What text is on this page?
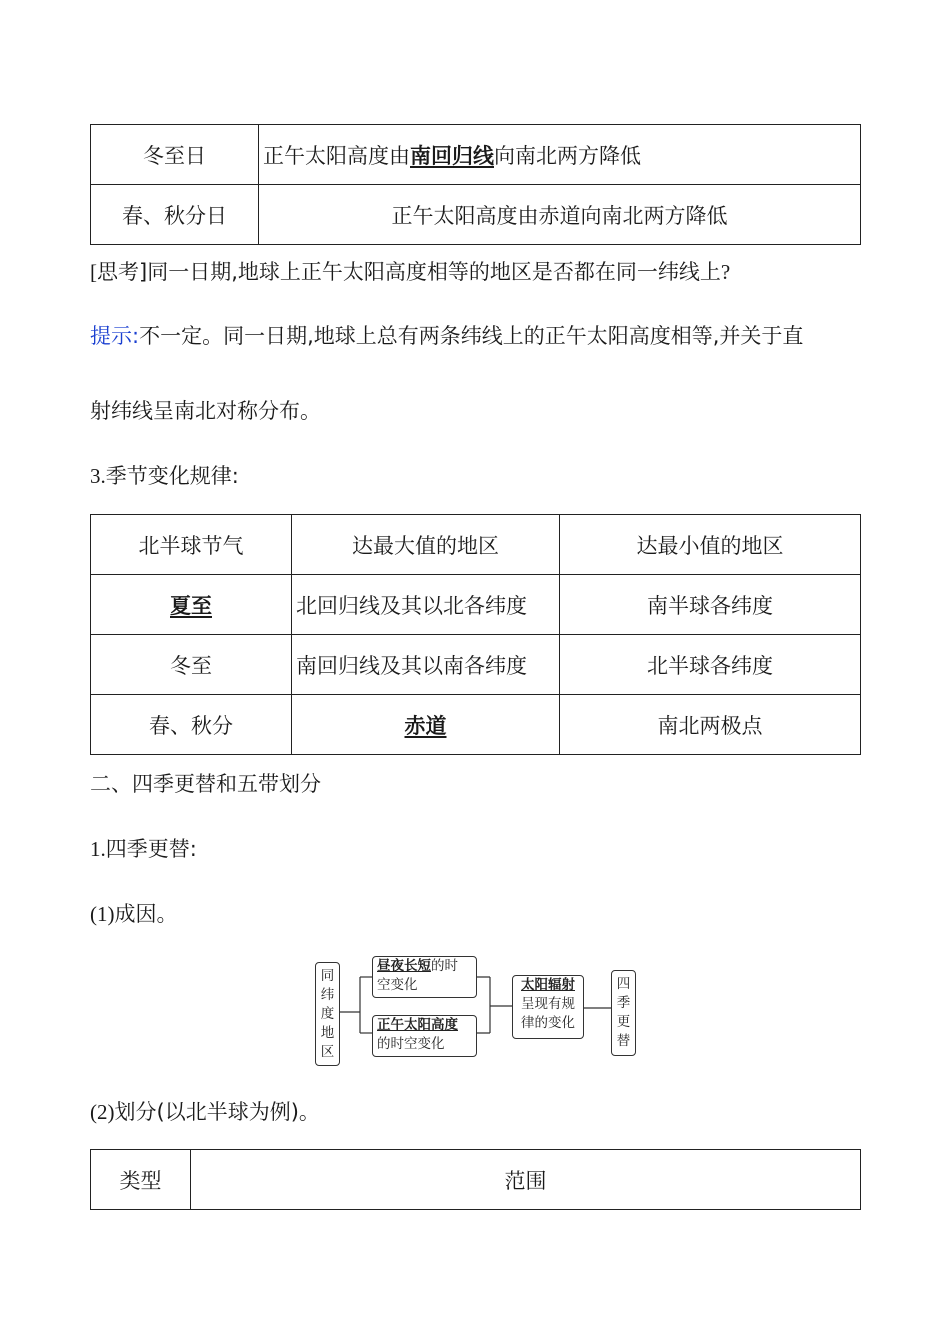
冬至日	正午太阳高度由南回归线向南北两方降低
春、秋分日	正午太阳高度由赤道向南北两方降低
[思考]同一日期,地球上正午太阳高度相等的地区是否都在同一纬线上?
提示:不一定。同一日期,地球上总有两条纬线上的正午太阳高度相等,并关于直
射纬线呈南北对称分布。
3.季节变化规律:
北半球节气	达最大值的地区	达最小值的地区
夏至	北回归线及其以北各纬度	南半球各纬度
冬至	南回归线及其以南各纬度	北半球各纬度
春、秋分	赤道	南北两极点
二、四季更替和五带划分
1.四季更替:
(1)成因。
同
纬
度
地
区
昼夜长短的时
空变化
正午太阳高度
的时空变化
太阳辐射
呈现有规
律的变化
四
季
更
替
(2)划分(以北半球为例)。
类型	范围
